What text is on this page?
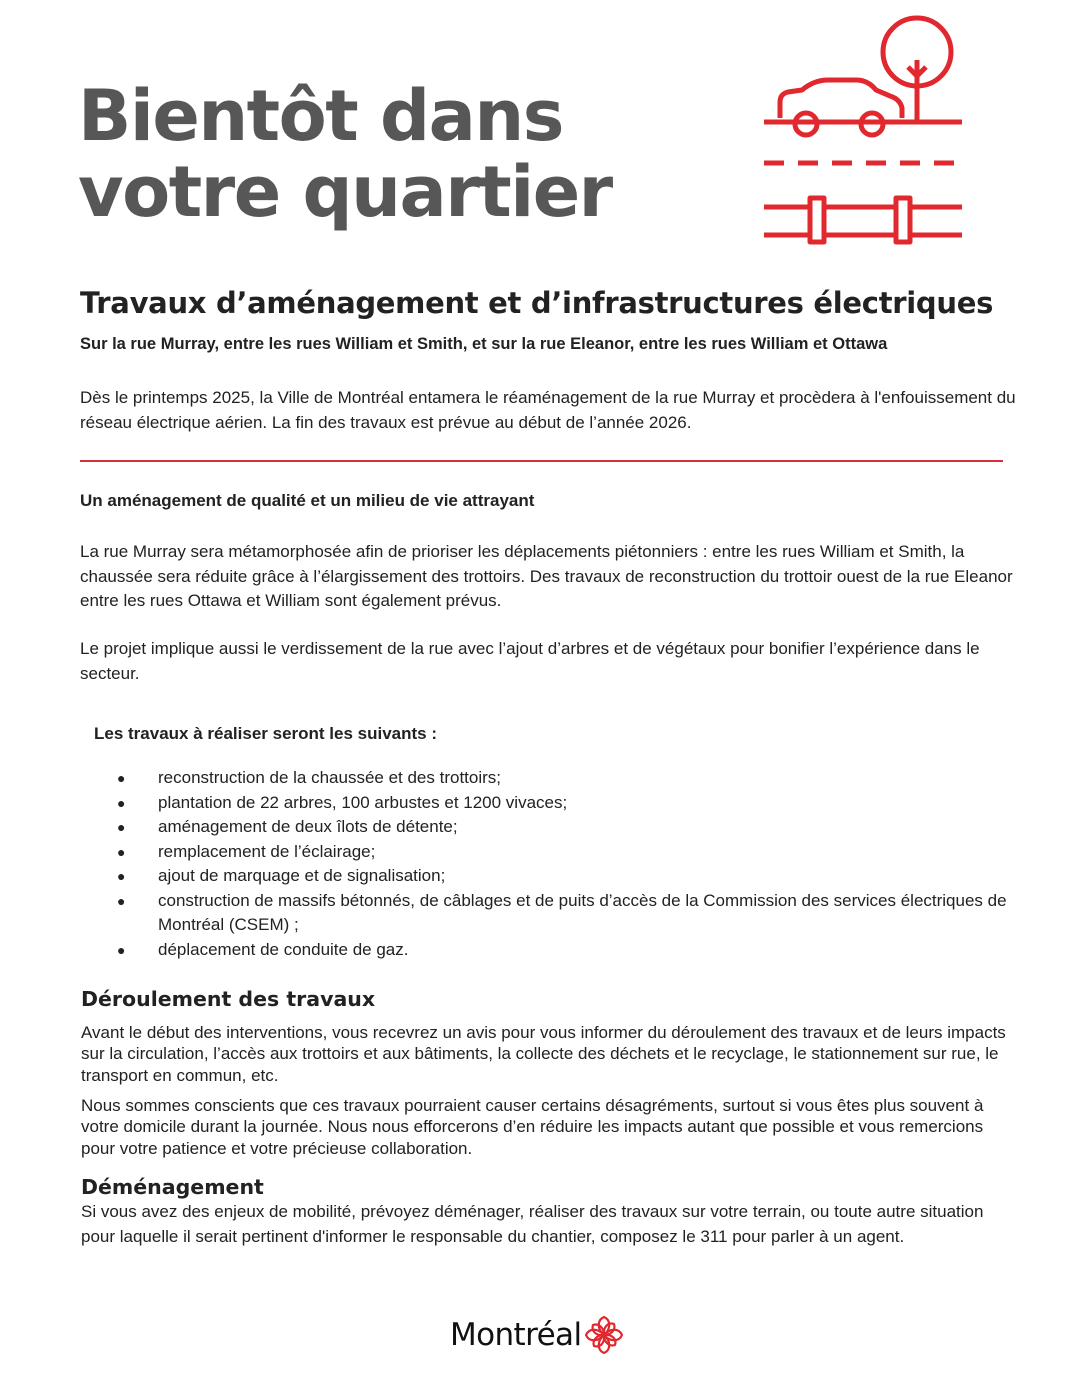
Bientôt dans
votre quartier
Travaux d’aménagement et d’infrastructures électriques

Sur la rue Murray, entre les rues William et Smith, et sur la rue Eleanor, entre les rues William et Ottawa

Dès le printemps 2025, la Ville de Montréal entamera le réaménagement de la rue Murray et procèdera à l'enfouissement du réseau électrique aérien. La fin des travaux est prévue au début de l’année 2026.

Un aménagement de qualité et un milieu de vie attrayant

La rue Murray sera métamorphosée afin de prioriser les déplacements piétonniers : entre les rues William et Smith, la chaussée sera réduite grâce à l’élargissement des trottoirs. Des travaux de reconstruction du trottoir ouest de la rue Eleanor entre les rues Ottawa et William sont également prévus.

Le projet implique aussi le verdissement de la rue avec l’ajout d’arbres et de végétaux pour bonifier l’expérience dans le secteur.

Les travaux à réaliser seront les suivants :
● reconstruction de la chaussée et des trottoirs;
● plantation de 22 arbres, 100 arbustes et 1200 vivaces;
● aménagement de deux îlots de détente;
● remplacement de l’éclairage;
● ajout de marquage et de signalisation;
● construction de massifs bétonnés, de câblages et de puits d’accès de la Commission des services électriques de Montréal (CSEM) ;
● déplacement de conduite de gaz.
Déroulement des travaux

Avant le début des interventions, vous recevrez un avis pour vous informer du déroulement des travaux et de leurs impacts sur la circulation, l’accès aux trottoirs et aux bâtiments, la collecte des déchets et le recyclage, le stationnement sur rue, le transport en commun, etc.

Nous sommes conscients que ces travaux pourraient causer certains désagréments, surtout si vous êtes plus souvent à votre domicile durant la journée. Nous nous efforcerons d’en réduire les impacts autant que possible et vous remercions pour votre patience et votre précieuse collaboration.

Déménagement

Si vous avez des enjeux de mobilité, prévoyez déménager, réaliser des travaux sur votre terrain, ou toute autre situation pour laquelle il serait pertinent d'informer le responsable du chantier, composez le 311 pour parler à un agent.

Montréal
